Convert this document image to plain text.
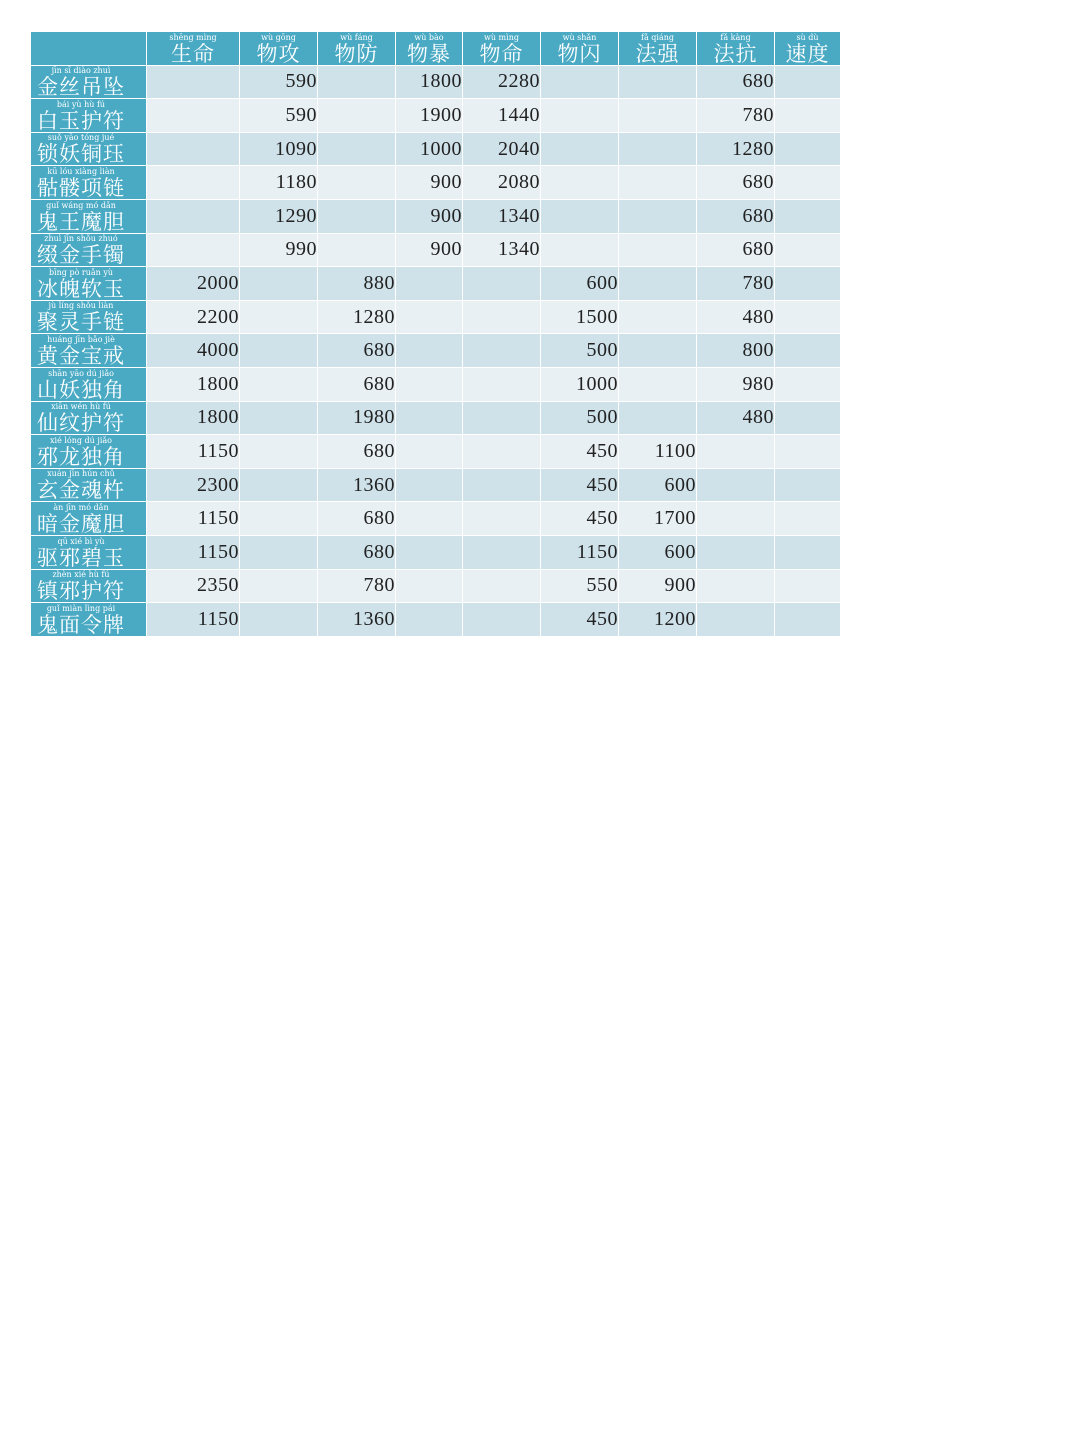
	生命shēng mìng	物攻wù gōng	物防wù fáng	物暴wù bào	物命wù mìng	物闪wù shǎn	法强fǎ qiáng	法抗fǎ kàng	速度sù dù
金丝吊坠jīn sī diào zhuì		590		1800	2280			680	
白玉护符bái yù hù fú		590		1900	1440			780	
锁妖铜珏suǒ yāo tóng jué		1090		1000	2040			1280	
骷髅项链kū lóu xiàng liàn		1180		900	2080			680	
鬼王魔胆guǐ wáng mó dǎn		1290		900	1340			680	
缀金手镯zhuì jīn shǒu zhuó		990		900	1340			680	
冰魄软玉bīng pò ruǎn yù	2000		880			600		780	
聚灵手链jù líng shǒu liàn	2200		1280			1500		480	
黄金宝戒huáng jīn bǎo jiè	4000		680			500		800	
山妖独角shān yāo dú jiǎo	1800		680			1000		980	
仙纹护符xiān wén hù fú	1800		1980			500		480	
邪龙独角xié lóng dú jiǎo	1150		680			450	1100		
玄金魂杵xuán jīn hún chǔ	2300		1360			450	600		
暗金魔胆àn jīn mó dǎn	1150		680			450	1700		
驱邪碧玉qū xié bì yù	1150		680			1150	600		
镇邪护符zhèn xié hù fú	2350		780			550	900		
鬼面令牌guǐ miàn lìng pái	1150		1360			450	1200		
